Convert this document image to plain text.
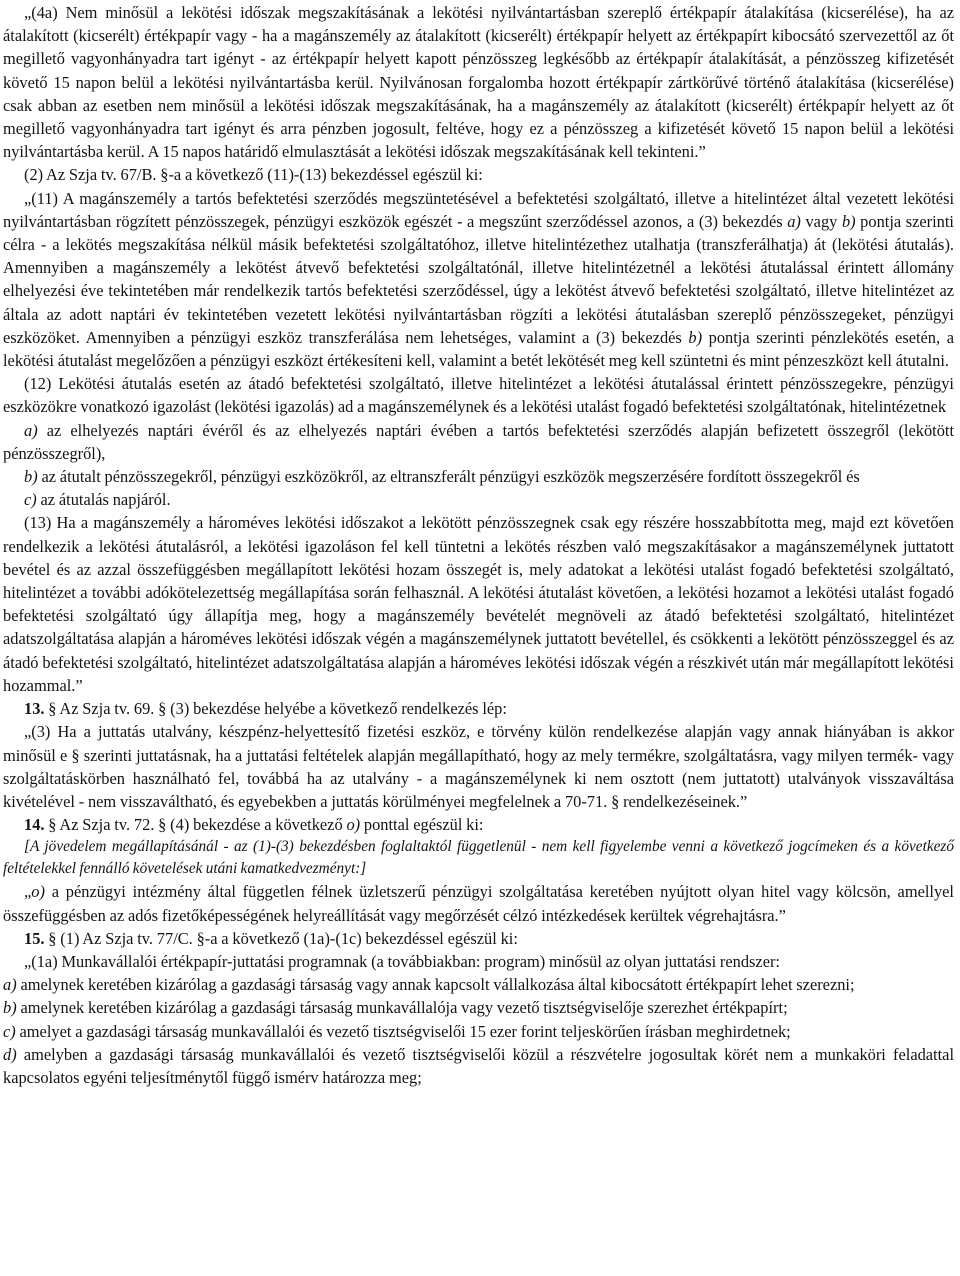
„(4a) Nem minősül a lekötési időszak megszakításának a lekötési nyilvántartásban szereplő értékpapír átalakítása (kicserélése), ha az átalakított (kicserélt) értékpapír vagy - ha a magánszemély az átalakított (kicserélt) értékpapír helyett az értékpapírt kibocsátó szervezettől az őt megillető vagyonhányadra tart igényt - az értékpapír helyett kapott pénzösszeg legkésőbb az értékpapír átalakítását, a pénzösszeg kifizetését követő 15 napon belül a lekötési nyilvántartásba kerül. Nyilvánosan forgalomba hozott értékpapír zártkörűvé történő átalakítása (kicserélése) csak abban az esetben nem minősül a lekötési időszak megszakításának, ha a magánszemély az átalakított (kicserélt) értékpapír helyett az őt megillető vagyonhányadra tart igényt és arra pénzben jogosult, feltéve, hogy ez a pénzösszeg a kifizetését követő 15 napon belül a lekötési nyilvántartásba kerül. A 15 napos határidő elmulasztását a lekötési időszak megszakításának kell tekinteni.”

(2) Az Szja tv. 67/B. §-a a következő (11)-(13) bekezdéssel egészül ki:

„(11) A magánszemély a tartós befektetési szerződés megszüntetésével a befektetési szolgáltató, illetve a hitelintézet által vezetett lekötési nyilvántartásban rögzített pénzösszegek, pénzügyi eszközök egészét - a megszűnt szerződéssel azonos, a (3) bekezdés a) vagy b) pontja szerinti célra - a lekötés megszakítása nélkül másik befektetési szolgáltatóhoz, illetve hitelintézethez utalhatja (transzferálhatja) át (lekötési átutalás). Amennyiben a magánszemély a lekötést átvevő befektetési szolgáltatónál, illetve hitelintézetnél a lekötési átutalással érintett állomány elhelyezési éve tekintetében már rendelkezik tartós befektetési szerződéssel, úgy a lekötést átvevő befektetési szolgáltató, illetve hitelintézet az általa az adott naptári év tekintetében vezetett lekötési nyilvántartásban rögzíti a lekötési átutalásban szereplő pénzösszegeket, pénzügyi eszközöket. Amennyiben a pénzügyi eszköz transzferálása nem lehetséges, valamint a (3) bekezdés b) pontja szerinti pénzlekötés esetén, a lekötési átutalást megelőzően a pénzügyi eszközt értékesíteni kell, valamint a betét lekötését meg kell szüntetni és mint pénzeszközt kell átutalni.

(12) Lekötési átutalás esetén az átadó befektetési szolgáltató, illetve hitelintézet a lekötési átutalással érintett pénzösszegekre, pénzügyi eszközökre vonatkozó igazolást (lekötési igazolás) ad a magánszemélynek és a lekötési utalást fogadó befektetési szolgáltatónak, hitelintézetnek

a) az elhelyezés naptári évéről és az elhelyezés naptári évében a tartós befektetési szerződés alapján befizetett összegről (lekötött pénzösszegről),

b) az átutalt pénzösszegekről, pénzügyi eszközökről, az eltranszferált pénzügyi eszközök megszerzésére fordított összegekről és

c) az átutalás napjáról.

(13) Ha a magánszemély a hároméves lekötési időszakot a lekötött pénzösszegnek csak egy részére hosszabbította meg, majd ezt követően rendelkezik a lekötési átutalásról, a lekötési igazoláson fel kell tüntetni a lekötés részben való megszakításakor a magánszemélynek juttatott bevétel és az azzal összefüggésben megállapított lekötési hozam összegét is, mely adatokat a lekötési utalást fogadó befektetési szolgáltató, hitelintézet a további adókötelezettség megállapítása során felhasznál. A lekötési átutalást követően, a lekötési hozamot a lekötési utalást fogadó befektetési szolgáltató úgy állapítja meg, hogy a magánszemély bevételét megnöveli az átadó befektetési szolgáltató, hitelintézet adatszolgáltatása alapján a hároméves lekötési időszak végén a magánszemélynek juttatott bevétellel, és csökkenti a lekötött pénzösszeggel és az átadó befektetési szolgáltató, hitelintézet adatszolgáltatása alapján a hároméves lekötési időszak végén a részkivét után már megállapított lekötési hozammal.”

13. § Az Szja tv. 69. § (3) bekezdése helyébe a következő rendelkezés lép:

„(3) Ha a juttatás utalvány, készpénz-helyettesítő fizetési eszköz, e törvény külön rendelkezése alapján vagy annak hiányában is akkor minősül e § szerinti juttatásnak, ha a juttatási feltételek alapján megállapítható, hogy az mely termékre, szolgáltatásra, vagy milyen termék- vagy szolgáltatáskörben használható fel, továbbá ha az utalvány - a magánszemélynek ki nem osztott (nem juttatott) utalványok visszaváltása kivételével - nem visszaváltható, és egyebekben a juttatás körülményei megfelelnek a 70-71. § rendelkezéseinek.”

14. § Az Szja tv. 72. § (4) bekezdése a következő o) ponttal egészül ki:

[A jövedelem megállapításánál - az (1)-(3) bekezdésben foglaltaktól függetlenül - nem kell figyelembe venni a következő jogcímeken és a következő feltételekkel fennálló követelések utáni kamatkedvezményt:]

„o) a pénzügyi intézmény által független félnek üzletszerű pénzügyi szolgáltatása keretében nyújtott olyan hitel vagy kölcsön, amellyel összefüggésben az adós fizetőképességének helyreállítását vagy megőrzését célzó intézkedések kerültek végrehajtásra.”

15. § (1) Az Szja tv. 77/C. §-a a következő (1a)-(1c) bekezdéssel egészül ki:

„(1a) Munkavállalói értékpapír-juttatási programnak (a továbbiakban: program) minősül az olyan juttatási rendszer:

a) amelynek keretében kizárólag a gazdasági társaság vagy annak kapcsolt vállalkozása által kibocsátott értékpapírt lehet szerezni;

b) amelynek keretében kizárólag a gazdasági társaság munkavállalója vagy vezető tisztségviselője szerezhet értékpapírt;

c) amelyet a gazdasági társaság munkavállalói és vezető tisztségviselői 15 ezer forint teljeskörűen írásban meghirdetnek;

d) amelyben a gazdasági társaság munkavállalói és vezető tisztségviselői közül a részvételre jogosultak körét nem a munkaköri feladattal kapcsolatos egyéni teljesítménytől függő ismérv határozza meg;
